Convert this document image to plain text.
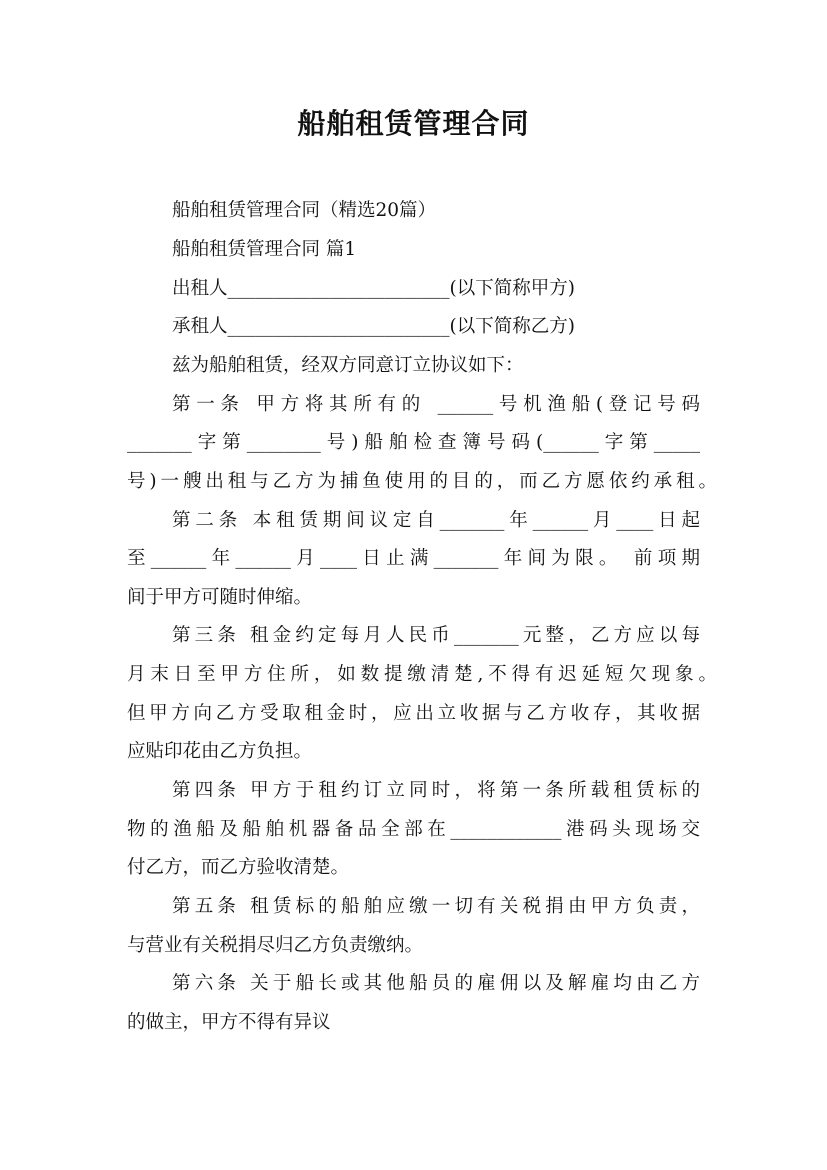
船舶租赁管理合同
船舶租赁管理合同（精选20篇）
船舶租赁管理合同 篇1
出租人________________________(以下简称甲方)
承租人________________________(以下简称乙方)
兹为船舶租赁，经双方同意订立协议如下：
第一条 甲方将其所有的 ______号机渔船(登记号码
_______字第________号)船舶检查簿号码(______字第_____
号)一艘出租与乙方为捕鱼使用的目的，而乙方愿依约承租。
第二条 本租赁期间议定自_______年______月____日起
至______年______月____日止满_______年间为限。 前项期
间于甲方可随时伸缩。
第三条 租金约定每月人民币_______元整，乙方应以每
月末日至甲方住所，如数提缴清楚,不得有迟延短欠现象。
但甲方向乙方受取租金时，应出立收据与乙方收存，其收据
应贴印花由乙方负担。
第四条 甲方于租约订立同时，将第一条所载租赁标的
物的渔船及船舶机器备品全部在____________港码头现场交
付乙方，而乙方验收清楚。
第五条 租赁标的船舶应缴一切有关税捐由甲方负责，
与营业有关税捐尽归乙方负责缴纳。
第六条 关于船长或其他船员的雇佣以及解雇均由乙方
的做主，甲方不得有异议
